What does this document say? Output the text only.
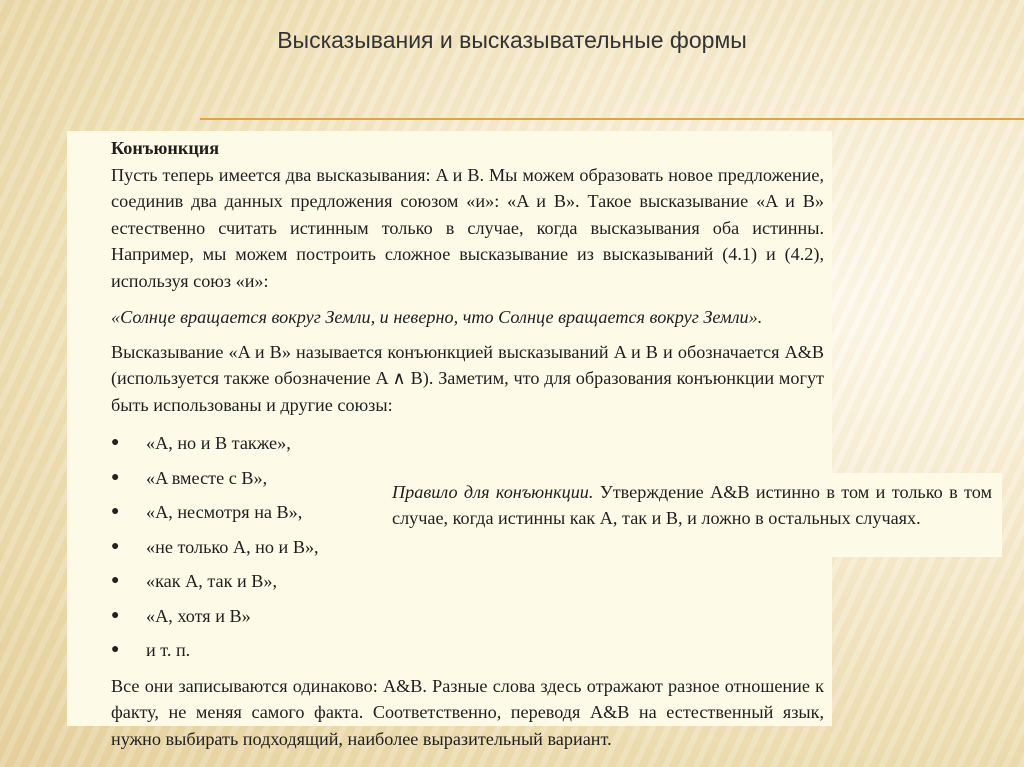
Высказывания и высказывательные формы

Конъюнкция

Пусть теперь имеется два высказывания: A и B. Мы можем образовать новое предложение, соединив два данных предложения союзом «и»: «A и B». Такое высказывание «A и B» естественно считать истинным только в случае, когда высказывания оба истинны. Например, мы можем построить сложное высказывание из высказываний (4.1) и (4.2), используя союз «и»:

«Солнце вращается вокруг Земли, и неверно, что Солнце вращается вокруг Земли».

Высказывание «A и B» называется конъюнкцией высказываний A и B и обозначается A&B (используется также обозначение A ∧ B). Заметим, что для образования конъюнкции могут быть использованы и другие союзы:

●	«A, но и B также»,
●	«A вместе с B»,
●	«A, несмотря на B»,
●	«не только A, но и B»,
●	«как A, так и B»,
●	«A, хотя и B»
●	и т. п.

Все они записываются одинаково: A&B. Разные слова здесь отражают разное отношение к факту, не меняя самого факта. Соответственно, переводя A&B на естественный язык, нужно выбирать подходящий, наиболее выразительный вариант.

Правило для конъюнкции. Утверждение A&B истинно в том и только в том случае, когда истинны как A, так и B, и ложно в остальных случаях.
